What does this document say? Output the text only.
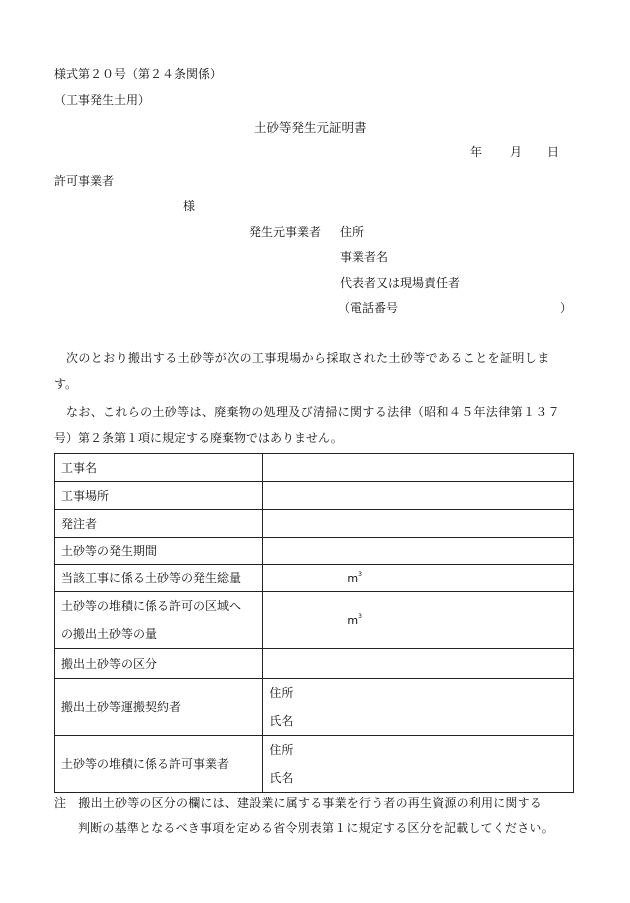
様式第２０号（第２４条関係）
（工事発生土用）
土砂等発生元証明書
年 月 日
許可事業者
様
発生元事業者 住所
事業者名
代表者又は現場責任者
（電話番号	）
次のとおり搬出する土砂等が次の工事現場から採取された土砂等であることを証明しま
す。
なお、これらの土砂等は、廃棄物の処理及び清掃に関する法律（昭和４５年法律第１３７
号）第２条第１項に規定する廃棄物ではありません。
工事名	
工事場所	
発注者	
土砂等の発生期間	
当該工事に係る土砂等の発生総量	$m^3$

土砂等の堆積に係る許可の区域へ
の搬出土砂等の量	$m^3$
搬出土砂等の区分	
搬出土砂等運搬契約者	住所
氏名

土砂等の堆積に係る許可事業者	住所
氏名
注　搬出土砂等の区分の欄には、建設業に属する事業を行う者の再生資源の利用に関する
判断の基準となるべき事項を定める省令別表第１に規定する区分を記載してください。
